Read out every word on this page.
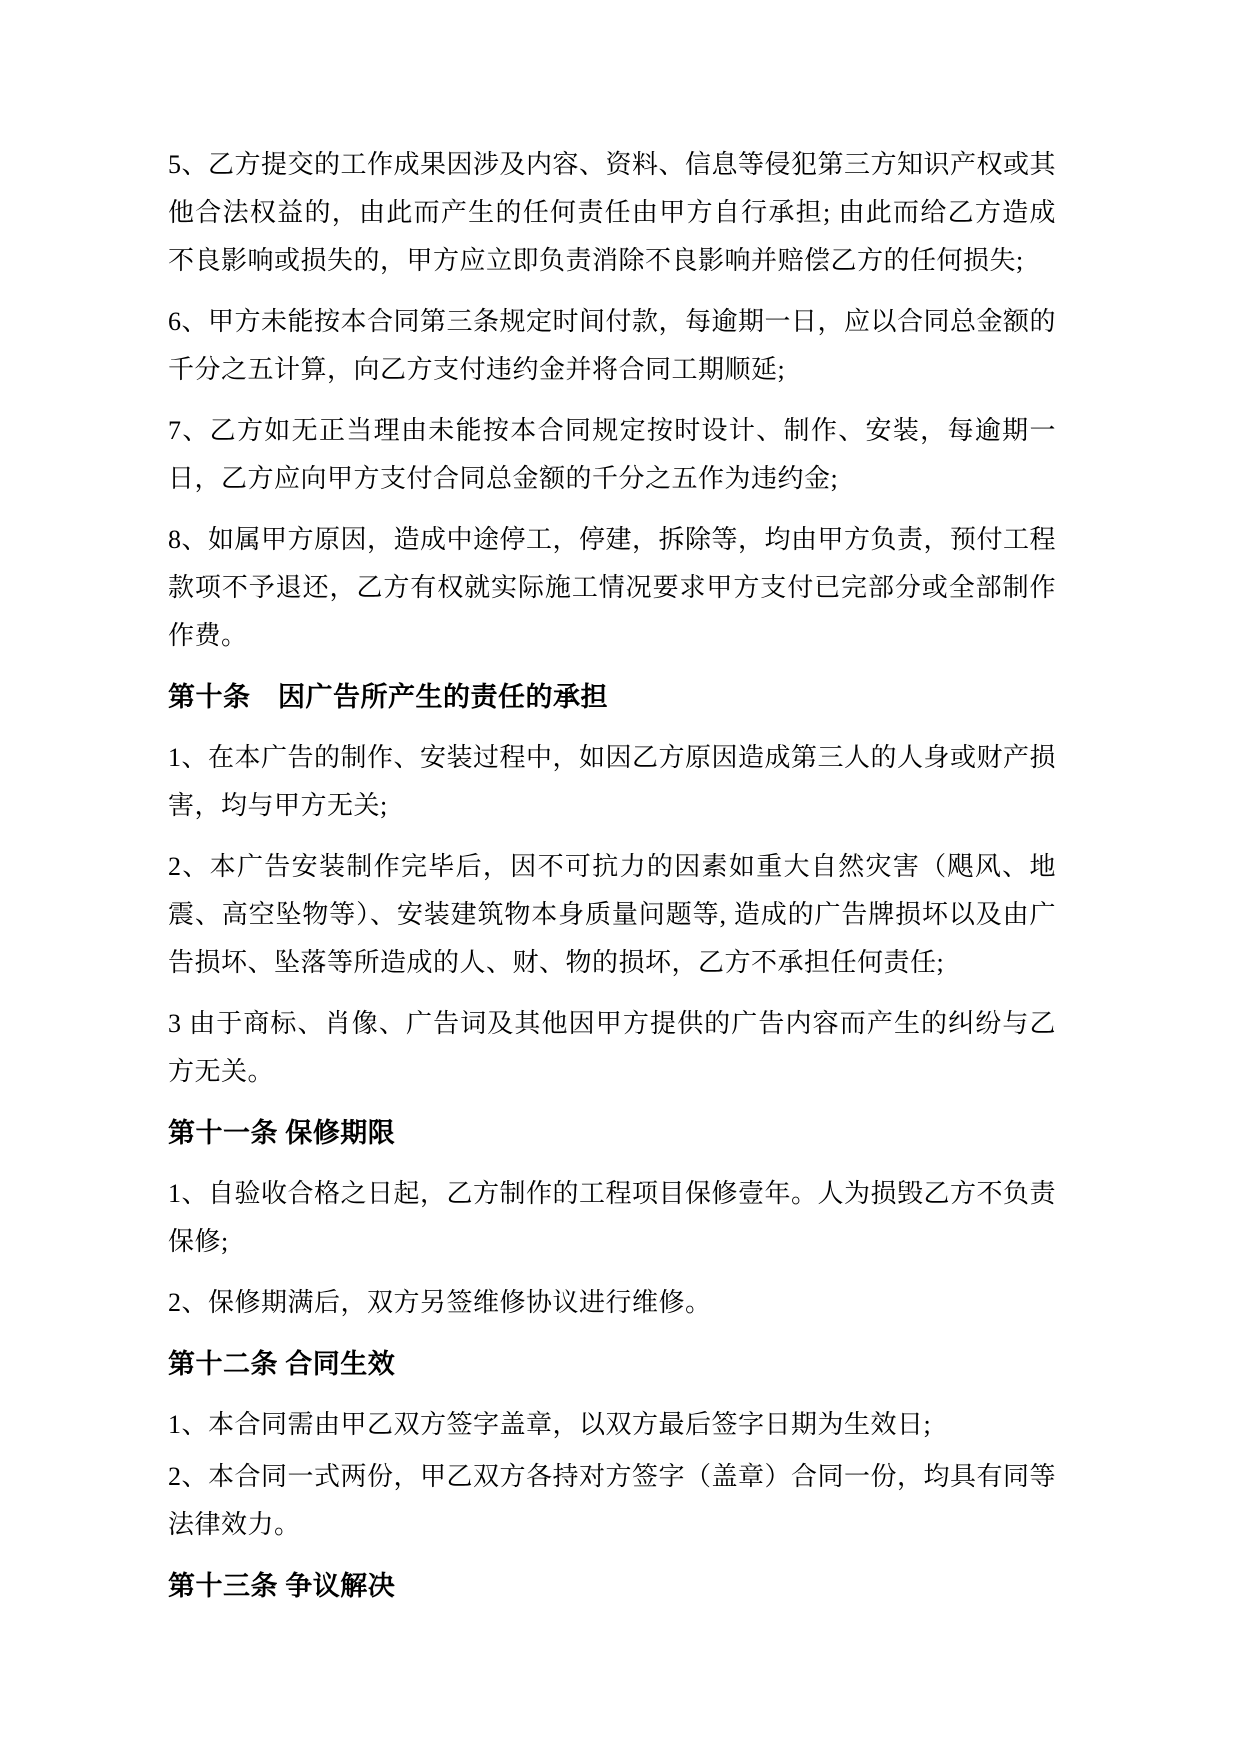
5、乙方提交的工作成果因涉及内容、资料、信息等侵犯第三方知识产权或其他合法权益的，由此而产生的任何责任由甲方自行承担; 由此而给乙方造成不良影响或损失的，甲方应立即负责消除不良影响并赔偿乙方的任何损失;

6、甲方未能按本合同第三条规定时间付款，每逾期一日，应以合同总金额的千分之五计算，向乙方支付违约金并将合同工期顺延;

7、乙方如无正当理由未能按本合同规定按时设计、制作、安装，每逾期一日，乙方应向甲方支付合同总金额的千分之五作为违约金;

8、如属甲方原因，造成中途停工，停建，拆除等，均由甲方负责，预付工程款项不予退还，乙方有权就实际施工情况要求甲方支付已完部分或全部制作作费。

第十条　因广告所产生的责任的承担

1、在本广告的制作、安装过程中，如因乙方原因造成第三人的人身或财产损害，均与甲方无关;

2、本广告安装制作完毕后，因不可抗力的因素如重大自然灾害（飓风、地震、高空坠物等）、安装建筑物本身质量问题等, 造成的广告牌损坏以及由广告损坏、坠落等所造成的人、财、物的损坏，乙方不承担任何责任;

3 由于商标、肖像、广告词及其他因甲方提供的广告内容而产生的纠纷与乙方无关。

第十一条 保修期限

1、自验收合格之日起，乙方制作的工程项目保修壹年。人为损毁乙方不负责保修;

2、保修期满后，双方另签维修协议进行维修。

第十二条 合同生效

1、本合同需由甲乙双方签字盖章，以双方最后签字日期为生效日;

2、本合同一式两份，甲乙双方各持对方签字（盖章）合同一份，均具有同等法律效力。

第十三条 争议解决
